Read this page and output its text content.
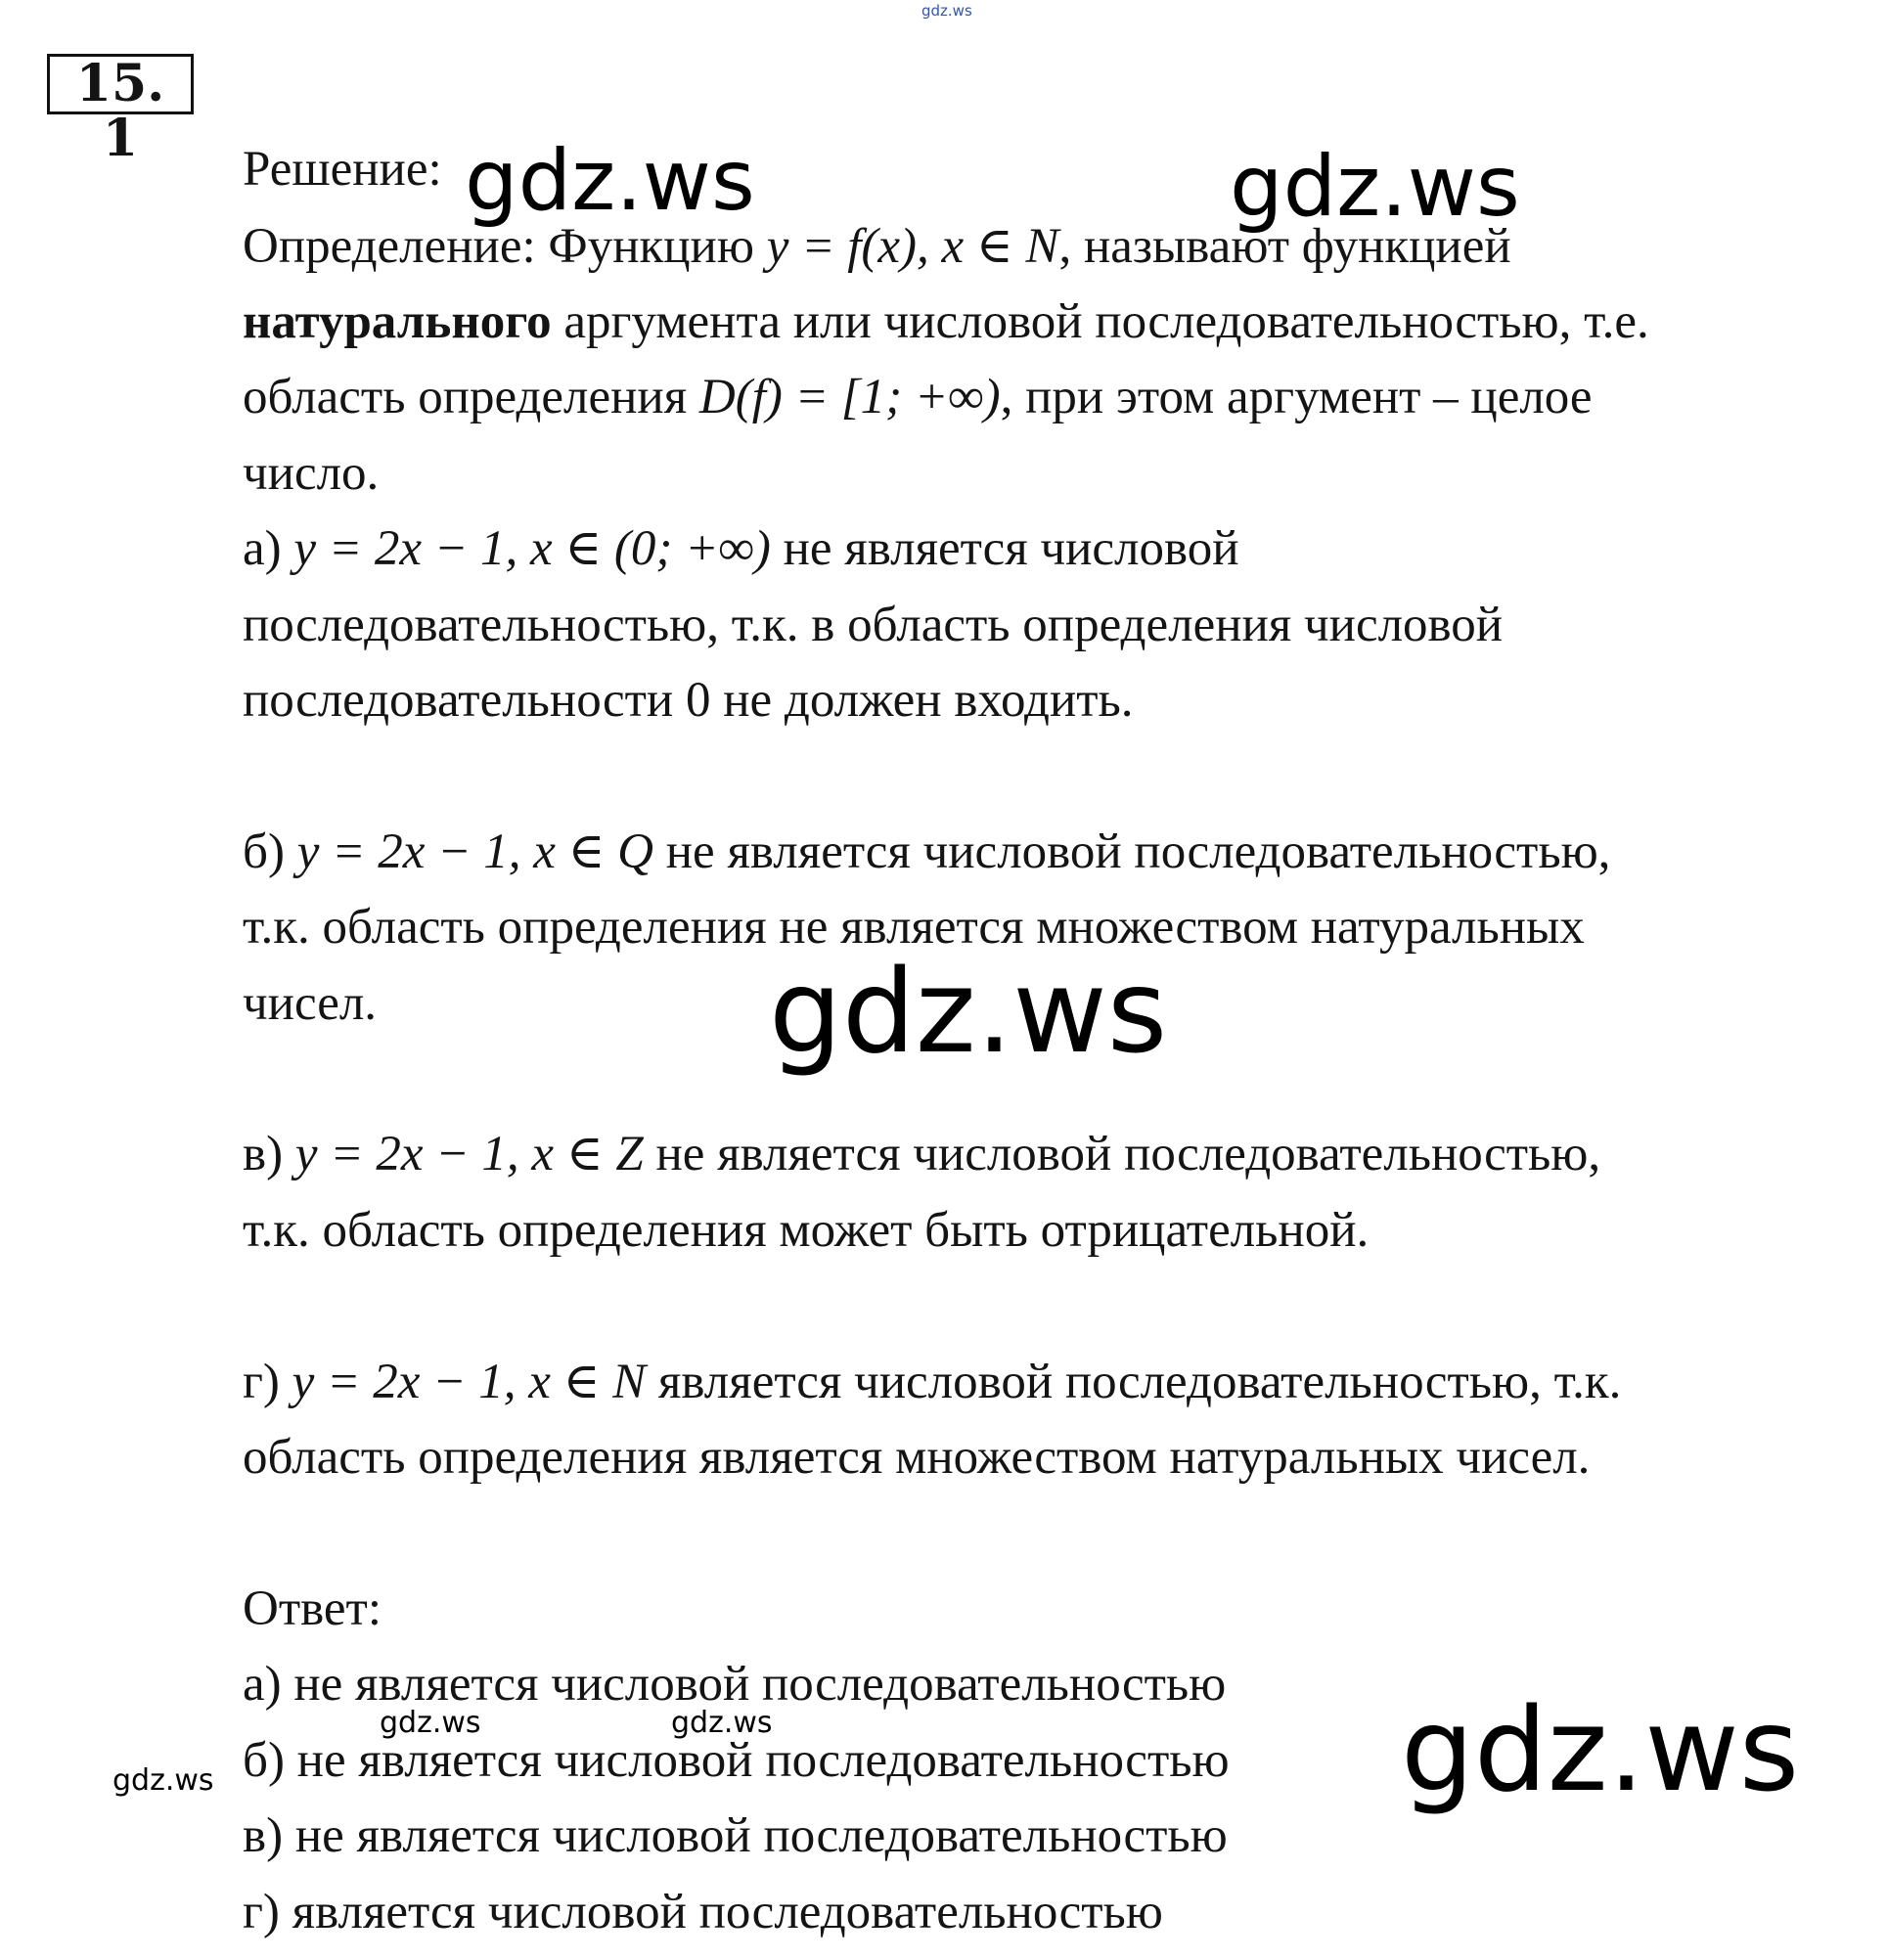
gdz.ws
15. 1
Решение:
Определение: Функцию y = f(x), x ∈ N, называют функцией
натурального аргумента или числовой последовательностью, т.е.
область определения D(f) = [1; +∞), при этом аргумент – целое
число.
а) y = 2x − 1, x ∈ (0; +∞) не является числовой
последовательностью, т.к. в область определения числовой
последовательности 0 не должен входить.
б) y = 2x − 1, x ∈ Q не является числовой последовательностью,
т.к. область определения не является множеством натуральных
чисел.
в) y = 2x − 1, x ∈ Z не является числовой последовательностью,
т.к. область определения может быть отрицательной.
г) y = 2x − 1, x ∈ N является числовой последовательностью, т.к.
область определения является множеством натуральных чисел.
Ответ:
а) не является числовой последовательностью
б) не является числовой последовательностью
в) не является числовой последовательностью
г) является числовой последовательностью
gdz.ws	gdz.ws
gdz.ws
gdz.ws
gdz.ws	gdz.ws
gdz.ws
